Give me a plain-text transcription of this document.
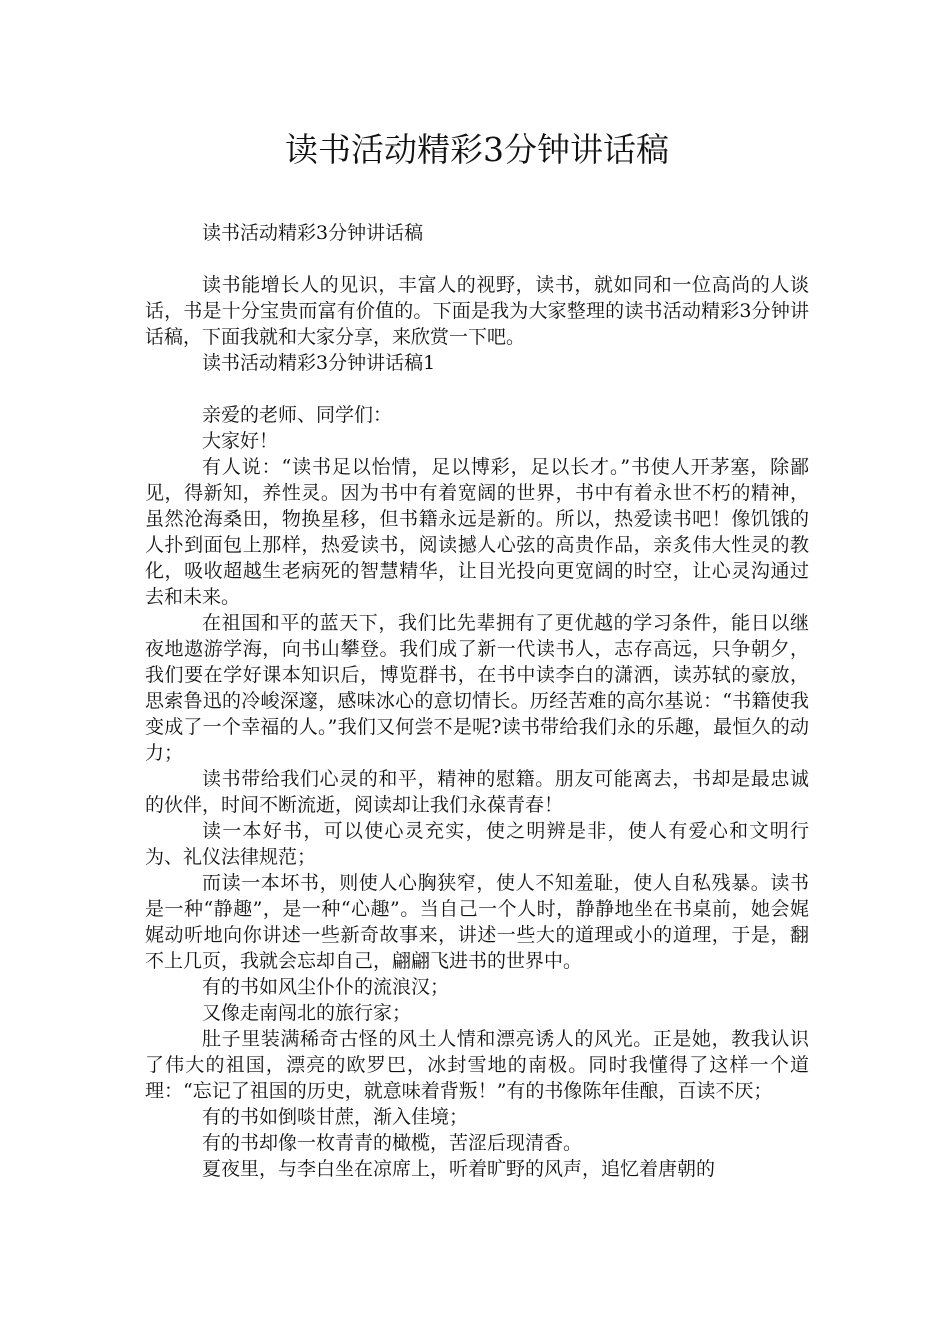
读书活动精彩3分钟讲话稿

读书活动精彩3分钟讲话稿

读书能增长人的见识，丰富人的视野，读书，就如同和一位高尚的人谈话，书是十分宝贵而富有价值的。下面是我为大家整理的读书活动精彩3分钟讲话稿，下面我就和大家分享，来欣赏一下吧。

读书活动精彩3分钟讲话稿1

亲爱的老师、同学们：

大家好！

有人说：“读书足以怡情，足以博彩，足以长才。”书使人开茅塞，除鄙见，得新知，养性灵。因为书中有着宽阔的世界，书中有着永世不朽的精神，虽然沧海桑田，物换星移，但书籍永远是新的。所以，热爱读书吧！像饥饿的人扑到面包上那样，热爱读书，阅读撼人心弦的高贵作品，亲炙伟大性灵的教化，吸收超越生老病死的智慧精华，让目光投向更宽阔的时空，让心灵沟通过去和未来。

在祖国和平的蓝天下，我们比先辈拥有了更优越的学习条件，能日以继夜地遨游学海，向书山攀登。我们成了新一代读书人，志存高远，只争朝夕，我们要在学好课本知识后，博览群书，在书中读李白的潇洒，读苏轼的豪放，思索鲁迅的冷峻深邃，感味冰心的意切情长。历经苦难的高尔基说：“书籍使我变成了一个幸福的人。”我们又何尝不是呢?读书带给我们永的乐趣，最恒久的动力；

读书带给我们心灵的和平，精神的慰籍。朋友可能离去，书却是最忠诚的伙伴，时间不断流逝，阅读却让我们永葆青春！

读一本好书，可以使心灵充实，使之明辨是非，使人有爱心和文明行为、礼仪法律规范；

而读一本坏书，则使人心胸狭窄，使人不知羞耻，使人自私残暴。读书是一种“静趣”，是一种“心趣”。当自己一个人时，静静地坐在书桌前，她会娓娓动听地向你讲述一些新奇故事来，讲述一些大的道理或小的道理，于是，翻不上几页，我就会忘却自己，翩翩飞进书的世界中。

有的书如风尘仆仆的流浪汉；

又像走南闯北的旅行家；

肚子里装满稀奇古怪的风土人情和漂亮诱人的风光。正是她，教我认识了伟大的祖国，漂亮的欧罗巴，冰封雪地的南极。同时我懂得了这样一个道理：“忘记了祖国的历史，就意味着背叛！”有的书像陈年佳酿，百读不厌；

有的书如倒啖甘蔗，渐入佳境；

有的书却像一枚青青的橄榄，苦涩后现清香。

夏夜里，与李白坐在凉席上，听着旷野的风声，追忆着唐朝的
